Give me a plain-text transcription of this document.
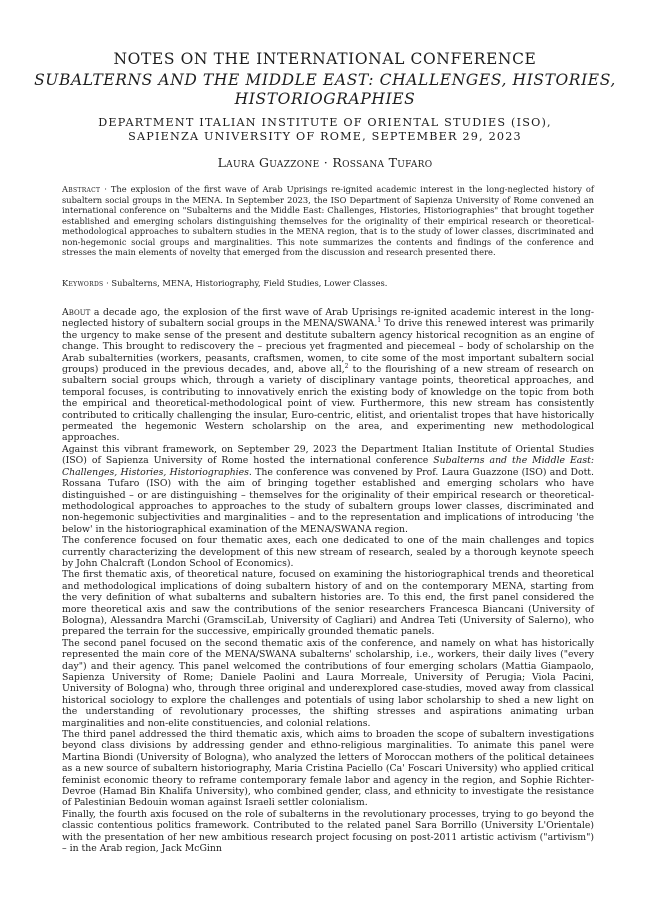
NOTES ON THE INTERNATIONAL CONFERENCE
SUBALTERNS AND THE MIDDLE EAST: CHALLENGES, HISTORIES,
HISTORIOGRAPHIES
DEPARTMENT ITALIAN INSTITUTE OF ORIENTAL STUDIES (ISO),
SAPIENZA UNIVERSITY OF ROME, SEPTEMBER 29, 2023
Laura Guazzone · Rossana Tufaro
Abstract · The explosion of the first wave of Arab Uprisings re-ignited academic interest in the long-neglected history of subaltern social groups in the MENA. In September 2023, the ISO Department of Sapienza University of Rome convened an international conference on "Subalterns and the Middle East: Challenges, Histories, Historiographies" that brought together established and emerging scholars distinguishing themselves for the originality of their empirical research or theoretical-methodological approaches to subaltern studies in the MENA region, that is to the study of lower classes, discriminated and non-hegemonic social groups and marginalities. This note summarizes the contents and findings of the conference and stresses the main elements of novelty that emerged from the discussion and research presented there.
Keywords · Subalterns, MENA, Historiography, Field Studies, Lower Classes.

About a decade ago, the explosion of the first wave of Arab Uprisings re-ignited academic interest in the long-neglected history of subaltern social groups in the MENA/SWANA.$^1$ To drive this renewed interest was primarily the urgency to make sense of the present and destitute subaltern agency historical recognition as an engine of change. This brought to rediscovery the – precious yet fragmented and piecemeal – body of scholarship on the Arab subalternities (workers, peasants, craftsmen, women, to cite some of the most important subaltern social groups) produced in the previous decades, and, above all,$^2$ to the flourishing of a new stream of research on subaltern social groups which, through a variety of disciplinary vantage points, theoretical approaches, and temporal focuses, is contributing to innovatively enrich the existing body of knowledge on the topic from both the empirical and theoretical-methodological point of view. Furthermore, this new stream has consistently contributed to critically challenging the insular, Euro-centric, elitist, and orientalist tropes that have historically permeated the hegemonic Western scholarship on the area, and experimenting new methodological approaches.

Against this vibrant framework, on September 29, 2023 the Department Italian Institute of Oriental Studies (ISO) of Sapienza University of Rome hosted the international conference Subalterns and the Middle East: Challenges, Histories, Historiographies. The conference was convened by Prof. Laura Guazzone (ISO) and Dott. Rossana Tufaro (ISO) with the aim of bringing together established and emerging scholars who have distinguished – or are distinguishing – themselves for the originality of their empirical research or theoretical-methodological approaches to approaches to the study of subaltern groups lower classes, discriminated and non-hegemonic subjectivities and marginalities – and to the representation and implications of introducing 'the below' in the historiographical examination of the MENA/SWANA region.

The conference focused on four thematic axes, each one dedicated to one of the main challenges and topics currently characterizing the development of this new stream of research, sealed by a thorough keynote speech by John Chalcraft (London School of Economics).

The first thematic axis, of theoretical nature, focused on examining the historiographical trends and theoretical and methodological implications of doing subaltern history of and on the contemporary MENA, starting from the very definition of what subalterns and subaltern histories are. To this end, the first panel considered the more theoretical axis and saw the contributions of the senior researchers Francesca Biancani (University of Bologna), Alessandra Marchi (GramsciLab, University of Cagliari) and Andrea Teti (University of Salerno), who prepared the terrain for the successive, empirically grounded thematic panels.

The second panel focused on the second thematic axis of the conference, and namely on what has historically represented the main core of the MENA/SWANA subalterns' scholarship, i.e., workers, their daily lives ("every day") and their agency. This panel welcomed the contributions of four emerging scholars (Mattia Giampaolo, Sapienza University of Rome; Daniele Paolini and Laura Morreale, University of Perugia; Viola Pacini, University of Bologna) who, through three original and underexplored case-studies, moved away from classical historical sociology to explore the challenges and potentials of using labor scholarship to shed a new light on the understanding of revolutionary processes, the shifting stresses and aspirations animating urban marginalities and non-elite constituencies, and colonial relations.

The third panel addressed the third thematic axis, which aims to broaden the scope of subaltern investigations beyond class divisions by addressing gender and ethno-religious marginalities. To animate this panel were Martina Biondi (University of Bologna), who analyzed the letters of Moroccan mothers of the political detainees as a new source of subaltern historiography, Maria Cristina Paciello (Ca' Foscari University) who applied critical feminist economic theory to reframe contemporary female labor and agency in the region, and Sophie Richter-Devroe (Hamad Bin Khalifa University), who combined gender, class, and ethnicity to investigate the resistance of Palestinian Bedouin woman against Israeli settler colonialism.

Finally, the fourth axis focused on the role of subalterns in the revolutionary processes, trying to go beyond the classic contentious politics framework. Contributed to the related panel Sara Borrillo (University L'Orientale) with the presentation of her new ambitious research project focusing on post-2011 artistic activism ("artivism") – in the Arab region, Jack McGinn
